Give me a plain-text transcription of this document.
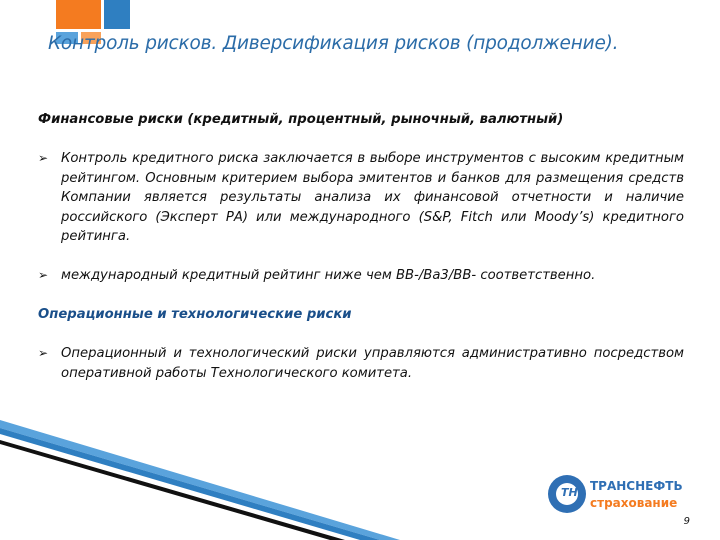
Контроль рисков. Диверсификация рисков (продолжение).

Финансовые риски (кредитный, процентный, рыночный, валютный)

➢ Контроль кредитного риска заключается в выборе инструментов с высоким кредитным рейтингом. Основным критерием выбора эмитентов и банков для размещения средств Компании является результаты анализа их финансовой отчетности и наличие российского (Эксперт РА) или международного (S&P, Fitch или Moody’s) кредитного рейтинга.

➢ международный кредитный рейтинг ниже чем ВВ-/Ва3/ВВ- соответственно.

Операционные и технологические риски

➢ Операционный и технологический риски управляются административно посредством оперативной работы Технологического комитета.

ТН ТРАНСНЕФТЬ
страхование
9
